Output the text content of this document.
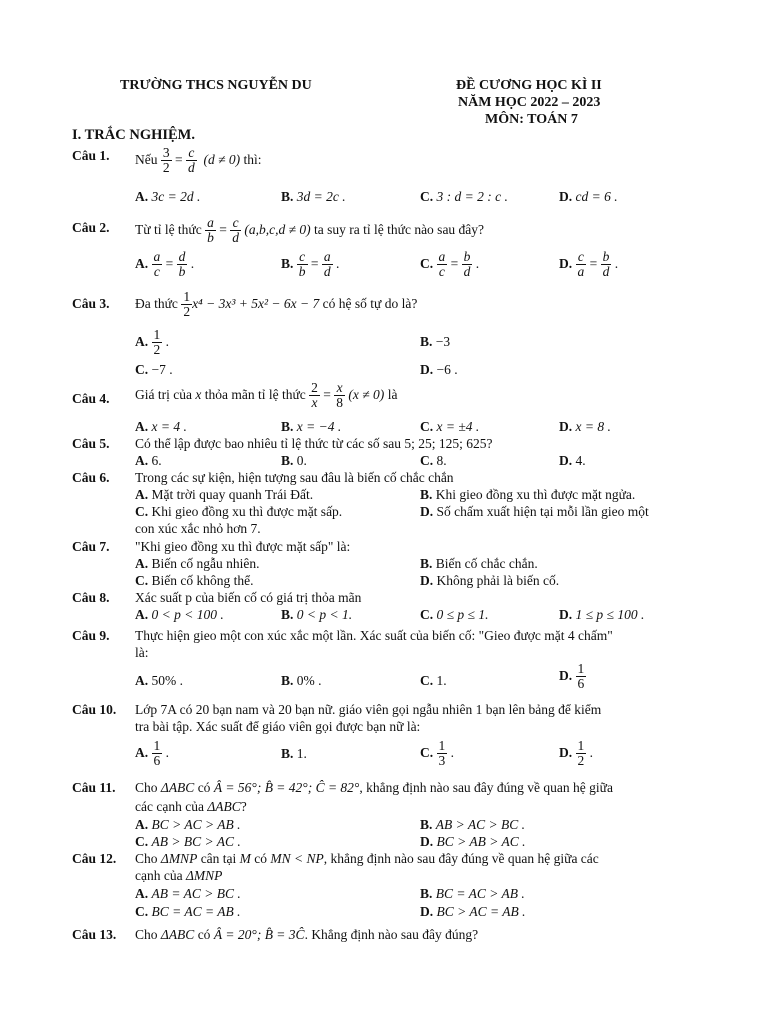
TRƯỜNG THCS NGUYỄN DU	ĐỀ CƯƠNG HỌC KÌ II
NĂM HỌC 2022 – 2023
MÔN: TOÁN 7
I. TRẮC NGHIỆM.
Câu 1. Nếu $\frac{3}{2} = \frac{c}{d} (d \ne 0)$ thì:
A. 3c = 2d .	B. 3d = 2c .	C. 3 : d = 2 : c .	D. cd = 6 .
Câu 2. Từ tỉ lệ thức $\frac{a}{b} = \frac{c}{d} (a,b,c,d \ne 0)$ ta suy ra tỉ lệ thức nào sau đây?
A. $\frac{a}{c} = \frac{d}{b}$ .	B. $\frac{c}{b} = \frac{a}{d}$ .	C. $\frac{a}{c} = \frac{b}{d}$ .	D. $\frac{c}{a} = \frac{b}{d}$ .
Câu 3. Đa thức $\frac{1}{2} x^4 - 3x^3 + 5x^2 - 6x - 7$ có hệ số tự do là?
A. $\frac{1}{2}$ .	B. −3
C. −7 .	D. −6 .
Câu 4. Giá trị của x thỏa mãn tỉ lệ thức $\frac{2}{x} = \frac{x}{8} (x \ne 0)$ là
A. x = 4 .	B. x = −4 .	C. x = ±4 .	D. x = 8 .
Câu 5. Có thể lập được bao nhiêu tỉ lệ thức từ các số sau 5; 25; 125; 625?
A. 6.	B. 0.	C. 8.	D. 4.
Câu 6. Trong các sự kiện, hiện tượng sau đâu là biến cố chắc chắn
A. Mặt trời quay quanh Trái Đất.	B. Khi gieo đồng xu thì được mặt ngửa.
C. Khi gieo đồng xu thì được mặt sấp.	D. Số chấm xuất hiện tại mỗi lần gieo một
con xúc xắc nhỏ hơn 7.
Câu 7. "Khi gieo đồng xu thì được mặt sấp" là:
A. Biến cố ngẫu nhiên.	B. Biến cố chắc chắn.
C. Biến cố không thể.	D. Không phải là biến cố.
Câu 8. Xác suất p của biến cố có giá trị thỏa mãn
A. 0 < p < 100 .	B. 0 < p < 1.	C. 0 ≤ p ≤ 1.	D. 1 ≤ p ≤ 100 .
Câu 9. Thực hiện gieo một con xúc xắc một lần. Xác suất của biến cố: "Gieo được mặt 4 chấm"
là:
A. 50% .	B. 0% .	C. 1.	D. $\frac{1}{6}$
Câu 10. Lớp 7A có 20 bạn nam và 20 bạn nữ. giáo viên gọi ngẫu nhiên 1 bạn lên bảng để kiểm
tra bài tập. Xác suất để giáo viên gọi được bạn nữ là:
A. $\frac{1}{6}$ .	B. 1.	C. $\frac{1}{3}$ .	D. $\frac{1}{2}$ .
Câu 11. Cho ΔABC có Â = 56°; B̂ = 42°; Ĉ = 82°, khẳng định nào sau đây đúng về quan hệ giữa
các cạnh của ΔABC?
A. BC > AC > AB .	B. AB > AC > BC .
C. AB > BC > AC .	D. BC > AB > AC .
Câu 12. Cho ΔMNP cân tại M có MN < NP, khẳng định nào sau đây đúng về quan hệ giữa các
cạnh của ΔMNP
A. AB = AC > BC .	B. BC = AC > AB .
C. BC = AC = AB .	D. BC > AC = AB .
Câu 13. Cho ΔABC có Â = 20°; B̂ = 3Ĉ. Khẳng định nào sau đây đúng?
